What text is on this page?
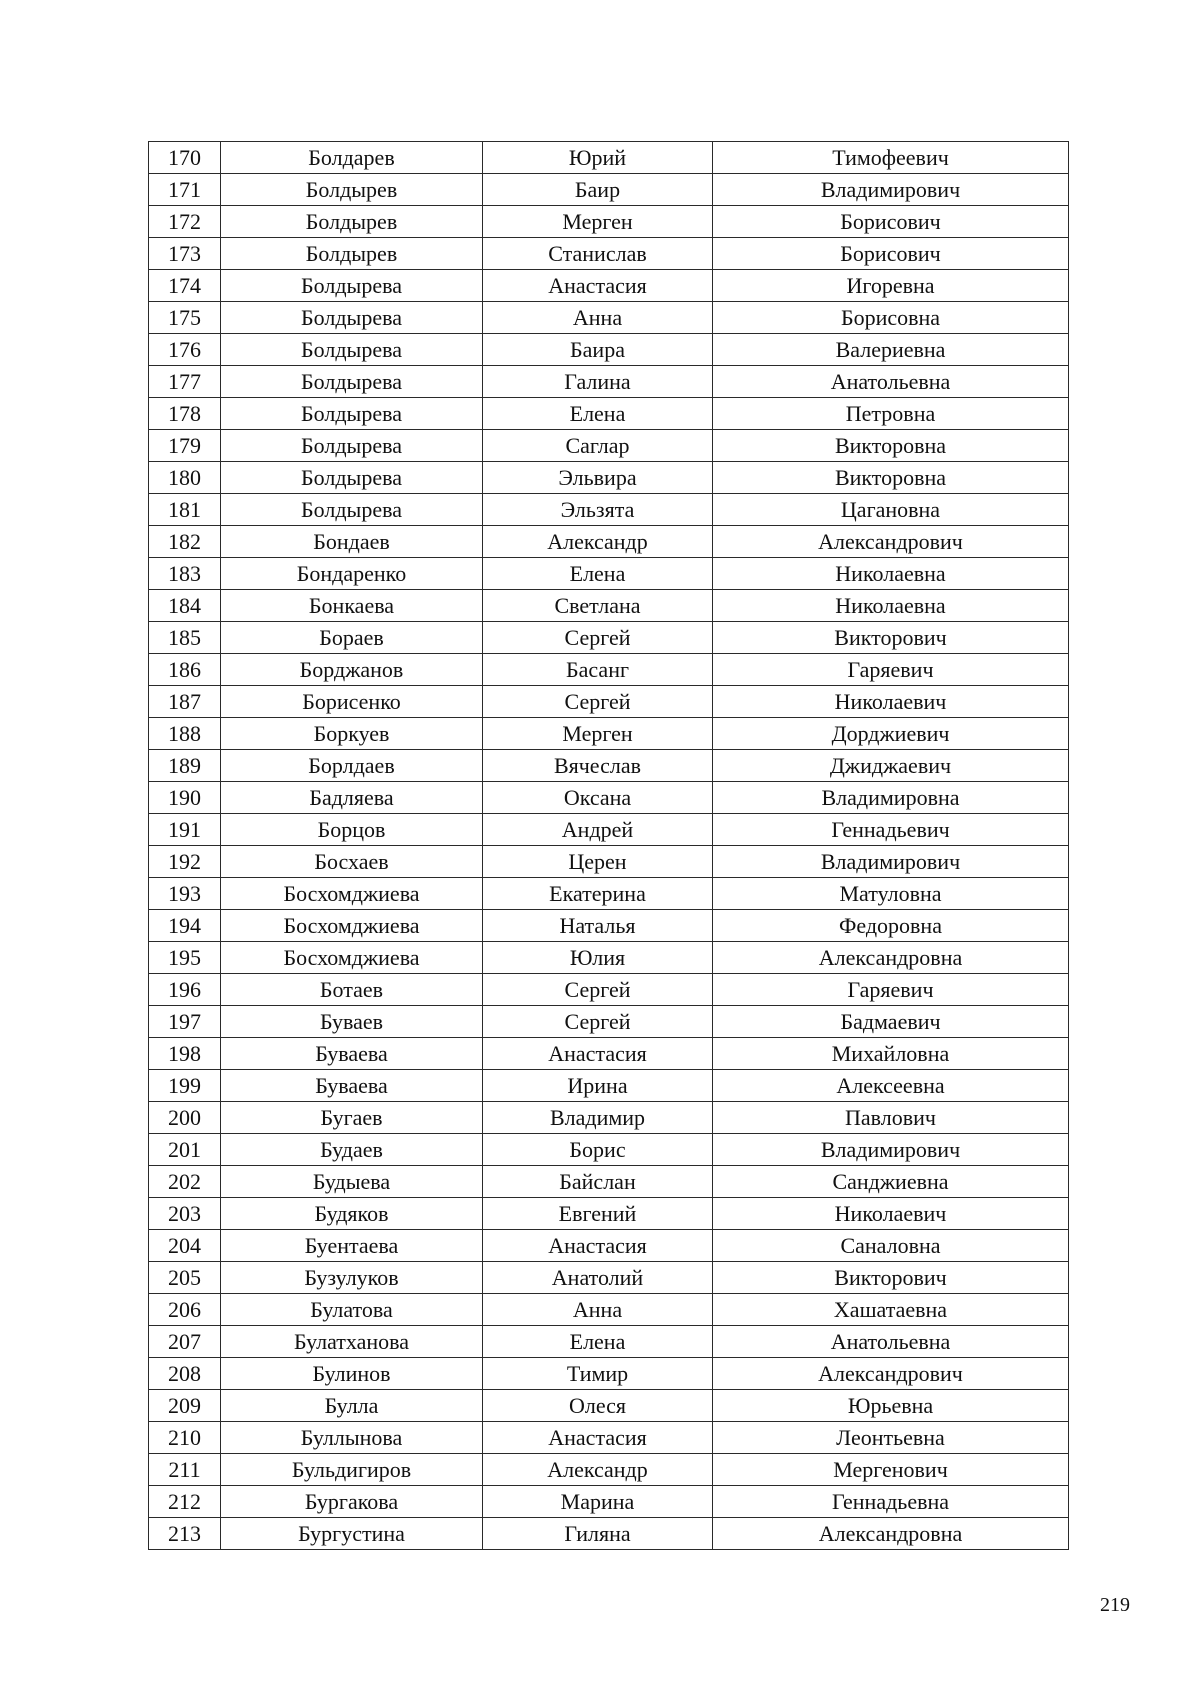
170	Болдарев	Юрий	Тимофеевич
171	Болдырев	Баир	Владимирович
172	Болдырев	Мерген	Борисович
173	Болдырев	Станислав	Борисович
174	Болдырева	Анастасия	Игоревна
175	Болдырева	Анна	Борисовна
176	Болдырева	Баира	Валериевна
177	Болдырева	Галина	Анатольевна
178	Болдырева	Елена	Петровна
179	Болдырева	Саглар	Викторовна
180	Болдырева	Эльвира	Викторовна
181	Болдырева	Эльзята	Цагановна
182	Бондаев	Александр	Александрович
183	Бондаренко	Елена	Николаевна
184	Бонкаева	Светлана	Николаевна
185	Бораев	Сергей	Викторович
186	Борджанов	Басанг	Гаряевич
187	Борисенко	Сергей	Николаевич
188	Боркуев	Мерген	Дорджиевич
189	Борлдаев	Вячеслав	Джиджаевич
190	Бадляева	Оксана	Владимировна
191	Борцов	Андрей	Геннадьевич
192	Босхаев	Церен	Владимирович
193	Босхомджиева	Екатерина	Матуловна
194	Босхомджиева	Наталья	Федоровна
195	Босхомджиева	Юлия	Александровна
196	Ботаев	Сергей	Гаряевич
197	Буваев	Сергей	Бадмаевич
198	Буваева	Анастасия	Михайловна
199	Буваева	Ирина	Алексеевна
200	Бугаев	Владимир	Павлович
201	Будаев	Борис	Владимирович
202	Будыева	Байслан	Санджиевна
203	Будяков	Евгений	Николаевич
204	Буентаева	Анастасия	Саналовна
205	Бузулуков	Анатолий	Викторович
206	Булатова	Анна	Хашатаевна
207	Булатханова	Елена	Анатольевна
208	Булинов	Тимир	Александрович
209	Булла	Олеся	Юрьевна
210	Буллынова	Анастасия	Леонтьевна
211	Бульдигиров	Александр	Мергенович
212	Бургакова	Марина	Геннадьевна
213	Бургустина	Гиляна	Александровна
219
